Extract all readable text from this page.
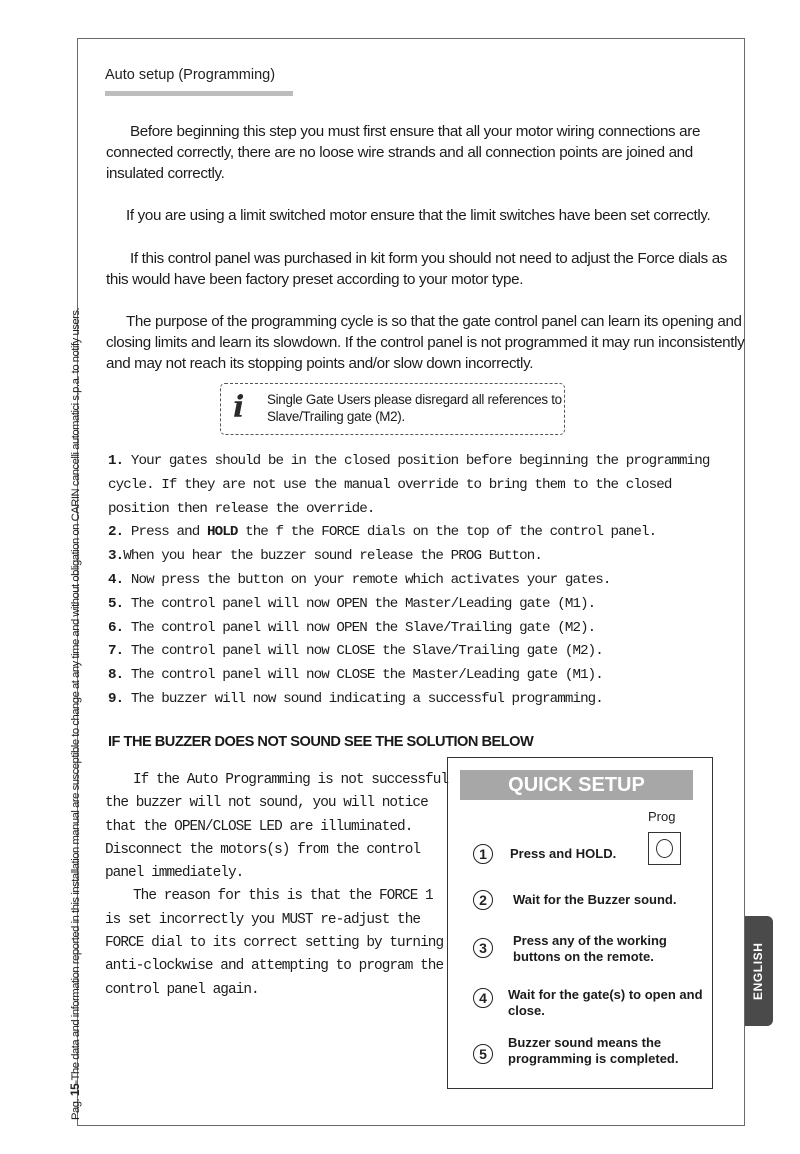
Pag. 15-The data and information reported in this installation manual are susceptible to change at any time and without obligation on CARIN cancelli automatici s.p.a. to notify users.
Auto setup (Programming)
Before beginning this step you must first ensure that all your motor wiring connections are connected correctly, there are no loose wire strands and all connection points are joined and insulated correctly.
If you are using a limit switched motor ensure that the limit switches have been set correctly.
If this control panel was purchased in kit form you should not need to adjust the Force dials as this would have been factory preset according to your motor type.
The purpose of the programming cycle is so that the gate control panel can learn its opening and closing limits and learn its slowdown. If the control panel is not programmed it may run inconsistently and may not reach its stopping points and/or slow down incorrectly.
i Single Gate Users please disregard all references to Slave/Trailing gate (M2).
1. Your gates should be in the closed position before beginning the programming cycle. If they are not use the manual override to bring them to the closed position then release the override.
2. Press and HOLD the f the FORCE dials on the top of the control panel.
3.When you hear the buzzer sound release the PROG Button.
4. Now press the button on your remote which activates your gates.
5. The control panel will now OPEN the Master/Leading gate (M1).
6. The control panel will now OPEN the Slave/Trailing gate (M2).
7. The control panel will now CLOSE the Slave/Trailing gate (M2).
8. The control panel will now CLOSE the Master/Leading gate (M1).
9. The buzzer will now sound indicating a successful programming.
IF THE BUZZER DOES NOT SOUND SEE THE SOLUTION BELOW
If the Auto Programming is not successful the buzzer will not sound, you will notice that the OPEN/CLOSE LED are illuminated. Disconnect the motors(s) from the control panel immediately.
The reason for this is that the FORCE 1 is set incorrectly you MUST re-adjust the FORCE dial to its correct setting by turning anti-clockwise and attempting to program the control panel again.
QUICK SETUP
Prog
1	Press and HOLD.
2	Wait for the Buzzer sound.
3	Press any of the working buttons on the remote.
4	Wait for the gate(s) to open and close.
5
Buzzer sound means the programming is completed.
ENGLISH
